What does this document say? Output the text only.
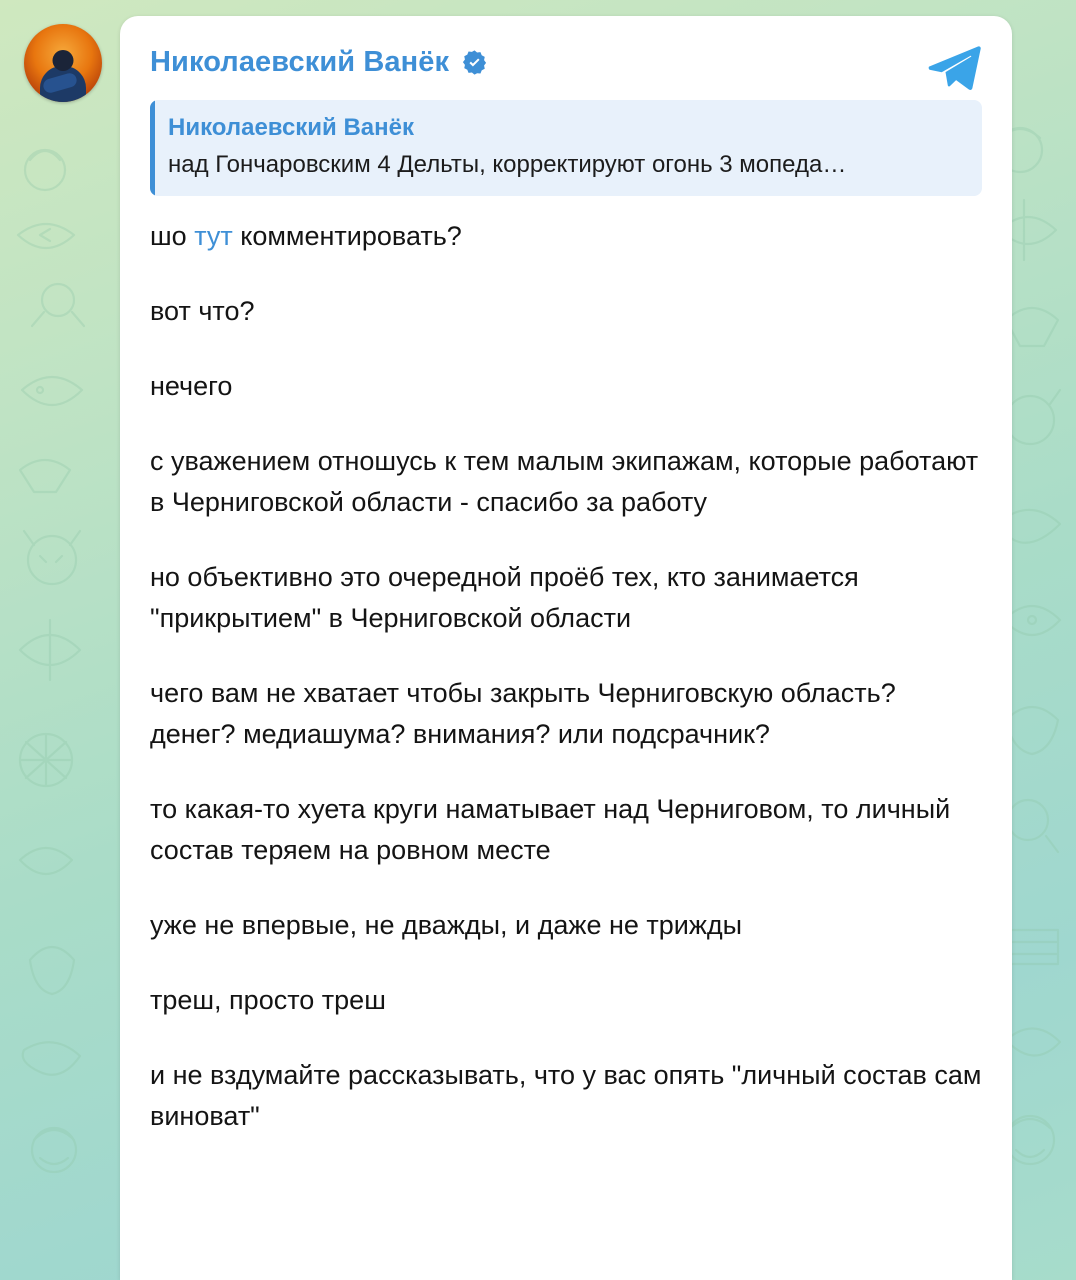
Николаевский Ванёк
Николаевский Ванёк
над Гончаровским 4 Дельты, корректируют огонь 3 мопеда…

шо тут комментировать?

вот что?

нечего

с уважением отношусь к тем малым экипажам, которые работают в Черниговской области - спасибо за работу

но объективно это очередной проёб тех, кто занимается "прикрытием" в Черниговской области

чего вам не хватает чтобы закрыть Черниговскую область? денег? медиашума? внимания? или подсрачник?

то какая-то хуета круги наматывает над Черниговом, то личный состав теряем на ровном месте

уже не впервые, не дважды, и даже не трижды

треш, просто треш

и не вздумайте рассказывать, что у вас опять "личный состав сам виноват"
